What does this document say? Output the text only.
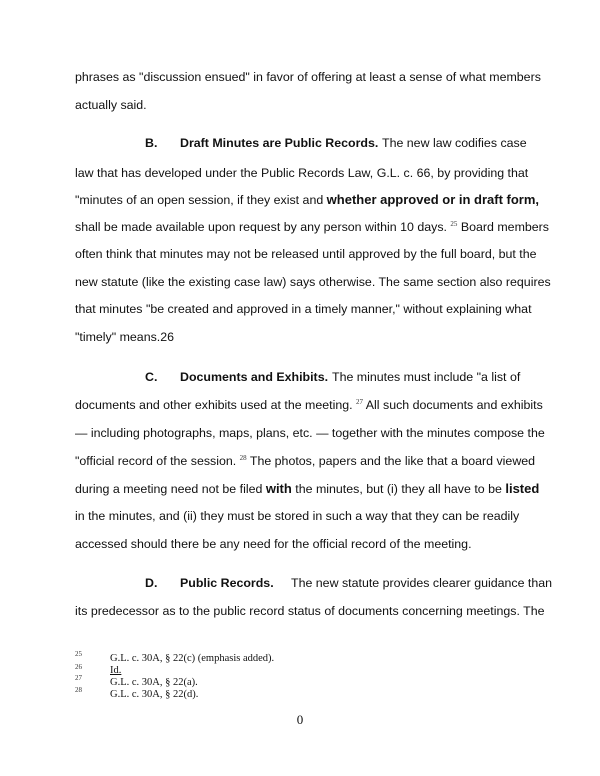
phrases as "discussion ensued" in favor of offering at least a sense of what members
actually said.
B. Draft Minutes are Public Records. The new law codifies case
law that has developed under the Public Records Law, G.L. c. 66, by providing that
"minutes of an open session, if they exist and whether approved or in draft form,
shall be made available upon request by any person within 10 days. $^{25}$ Board members
often think that minutes may not be released until approved by the full board, but the
new statute (like the existing case law) says otherwise. The same section also requires
that minutes "be created and approved in a timely manner," without explaining what
"timely" means.26
C. Documents and Exhibits. The minutes must include "a list of
documents and other exhibits used at the meeting. $^{27}$ All such documents and exhibits
— including photographs, maps, plans, etc. — together with the minutes compose the
"official record of the session. $^{28}$ The photos, papers and the like that a board viewed
during a meeting need not be filed with the minutes, but (i) they all have to be listed
in the minutes, and (ii) they must be stored in such a way that they can be readily
accessed should there be any need for the official record of the meeting.
D. Public Records. The new statute provides clearer guidance than
its predecessor as to the public record status of documents concerning meetings. The
25	G.L. c. 30A, § 22(c) (emphasis added).
26	Id.
27	G.L. c. 30A, § 22(a).
28	G.L. c. 30A, § 22(d).
0
